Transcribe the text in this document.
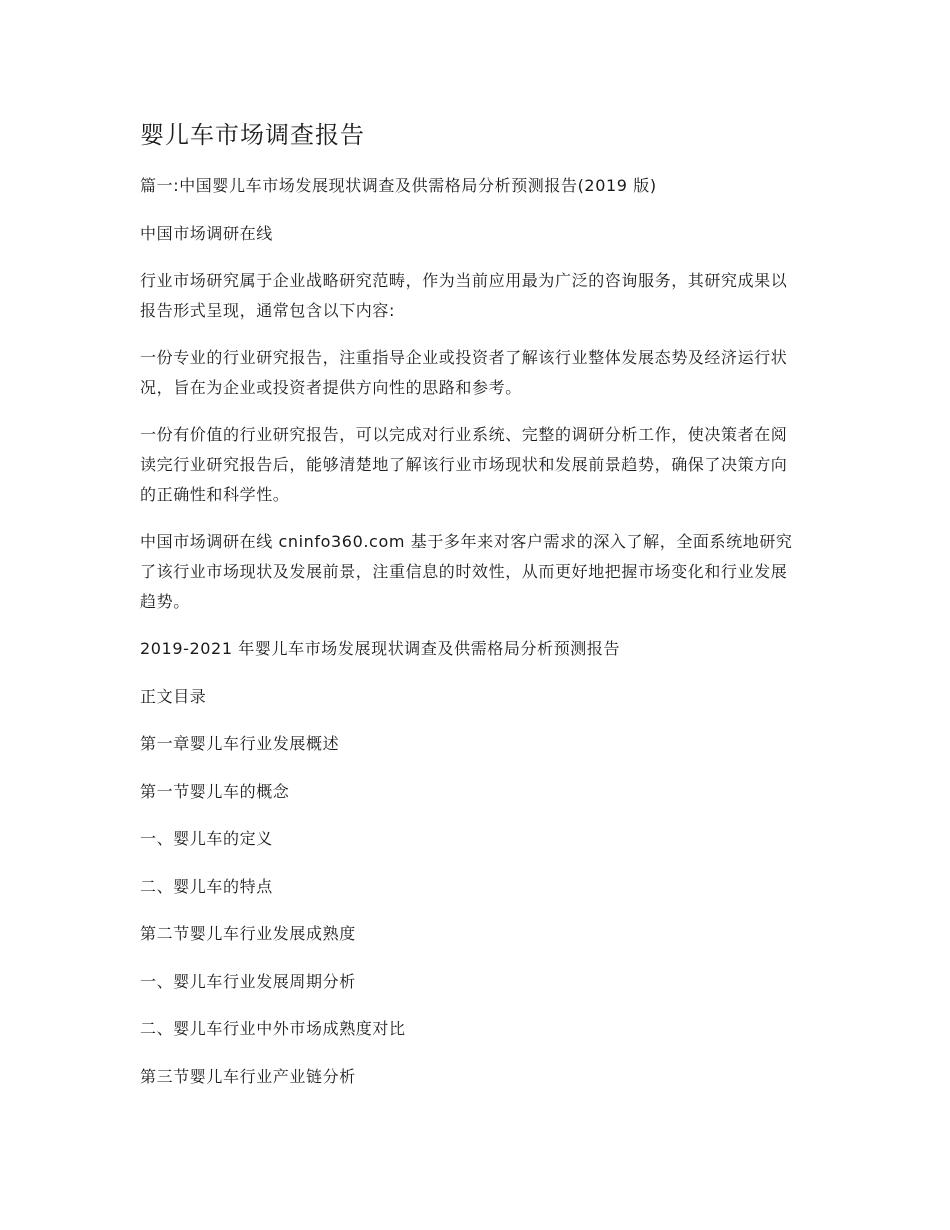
婴儿车市场调查报告

篇一:中国婴儿车市场发展现状调查及供需格局分析预测报告(2019 版)

中国市场调研在线

行业市场研究属于企业战略研究范畴，作为当前应用最为广泛的咨询服务，其研究成果以报告形式呈现，通常包含以下内容:

一份专业的行业研究报告，注重指导企业或投资者了解该行业整体发展态势及经济运行状况，旨在为企业或投资者提供方向性的思路和参考。

一份有价值的行业研究报告，可以完成对行业系统、完整的调研分析工作，使决策者在阅读完行业研究报告后，能够清楚地了解该行业市场现状和发展前景趋势，确保了决策方向的正确性和科学性。

中国市场调研在线 cninfo360.com 基于多年来对客户需求的深入了解，全面系统地研究了该行业市场现状及发展前景，注重信息的时效性，从而更好地把握市场变化和行业发展趋势。

2019-2021 年婴儿车市场发展现状调查及供需格局分析预测报告

正文目录

第一章婴儿车行业发展概述

第一节婴儿车的概念

一、婴儿车的定义

二、婴儿车的特点

第二节婴儿车行业发展成熟度

一、婴儿车行业发展周期分析

二、婴儿车行业中外市场成熟度对比

第三节婴儿车行业产业链分析
